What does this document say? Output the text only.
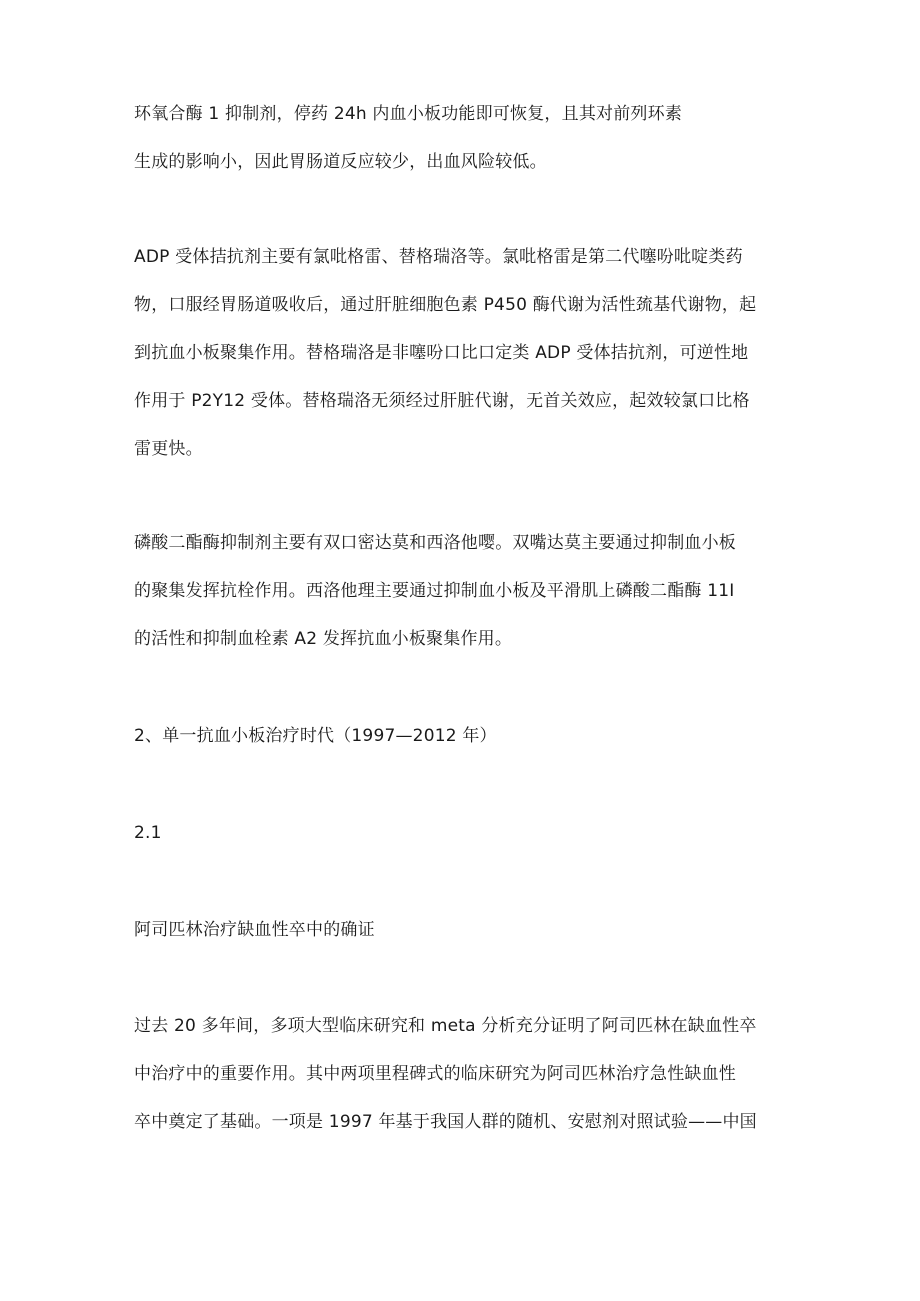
环氧合酶 1 抑制剂，停药 24h 内血小板功能即可恢复，且其对前列环素
生成的影响小，因此胃肠道反应较少，出血风险较低。
ADP 受体拮抗剂主要有氯吡格雷、替格瑞洛等。氯吡格雷是第二代噻吩吡啶类药
物，口服经胃肠道吸收后，通过肝脏细胞色素 P450 酶代谢为活性巯基代谢物，起
到抗血小板聚集作用。替格瑞洛是非噻吩口比口定类 ADP 受体拮抗剂，可逆性地
作用于 P2Y12 受体。替格瑞洛无须经过肝脏代谢，无首关效应，起效较氯口比格
雷更快。
磷酸二酯酶抑制剂主要有双口密达莫和西洛他嘤。双嘴达莫主要通过抑制血小板
的聚集发挥抗栓作用。西洛他理主要通过抑制血小板及平滑肌上磷酸二酯酶 11I
的活性和抑制血栓素 A2 发挥抗血小板聚集作用。
2、单一抗血小板治疗时代（1997—2012 年）
2.1
阿司匹林治疗缺血性卒中的确证
过去 20 多年间，多项大型临床研究和 meta 分析充分证明了阿司匹林在缺血性卒
中治疗中的重要作用。其中两项里程碑式的临床研究为阿司匹林治疗急性缺血性
卒中奠定了基础。一项是 1997 年基于我国人群的随机、安慰剂对照试验——中国
